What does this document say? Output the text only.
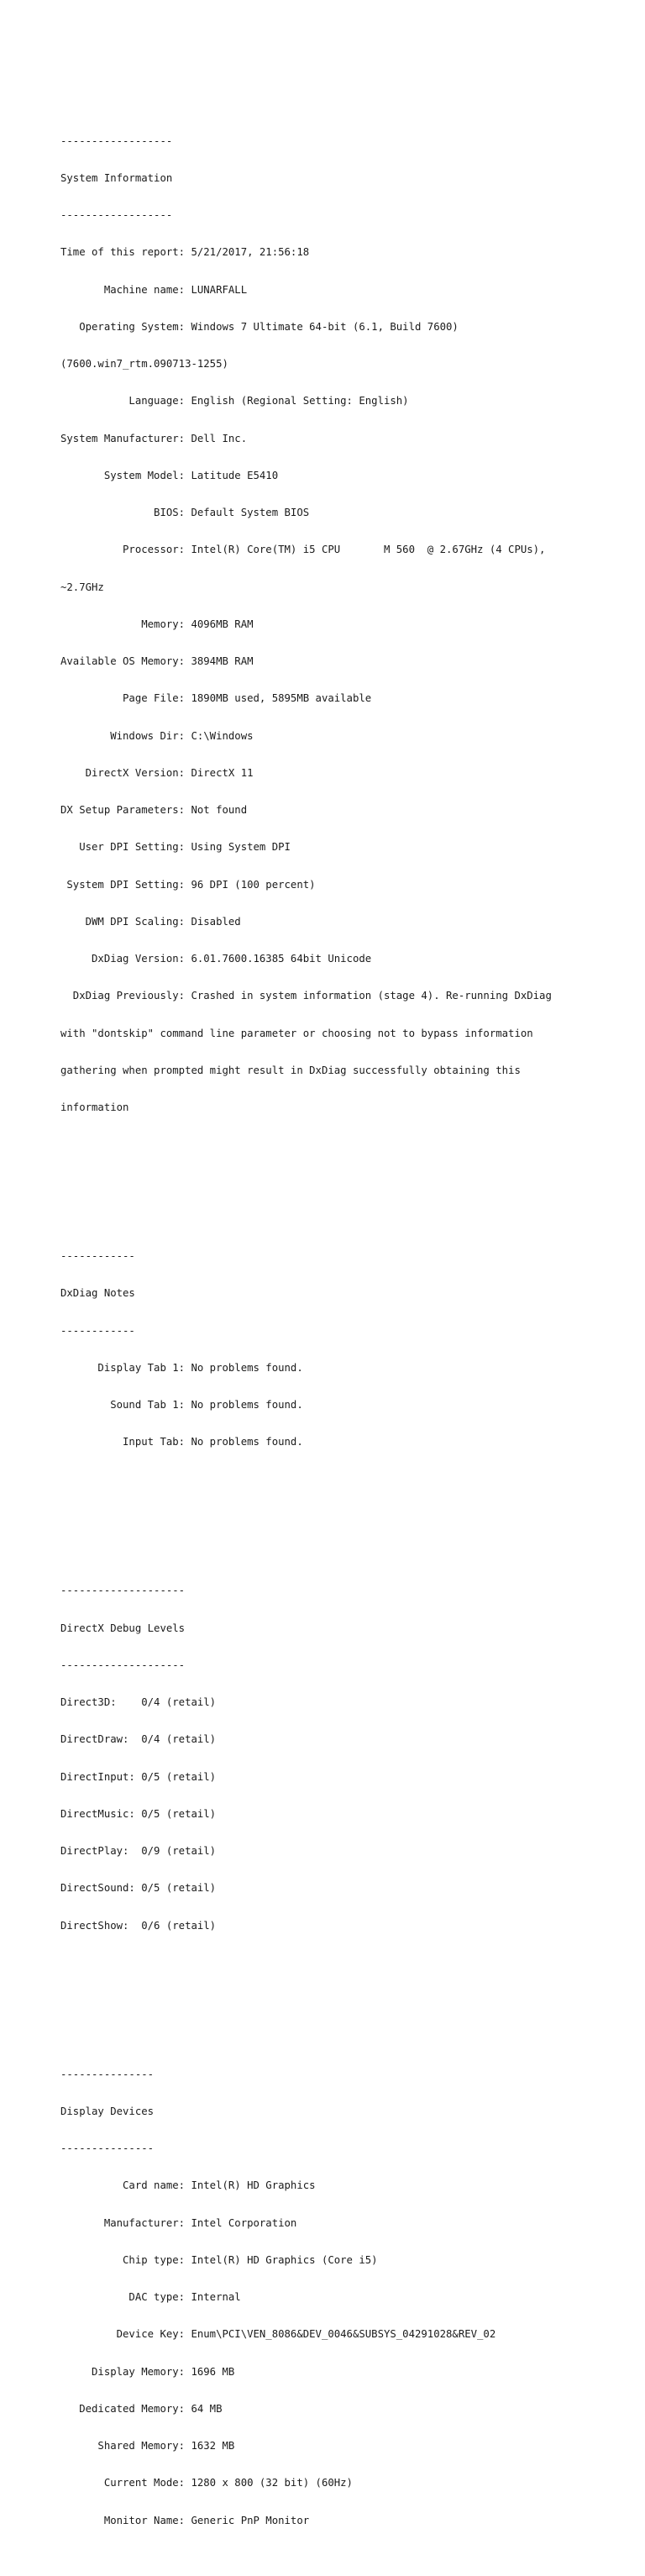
------------------

System Information

------------------

Time of this report: 5/21/2017, 21:56:18

Machine name: LUNARFALL

Operating System: Windows 7 Ultimate 64-bit (6.1, Build 7600)

(7600.win7_rtm.090713-1255)

Language: English (Regional Setting: English)

System Manufacturer: Dell Inc.

System Model: Latitude E5410

BIOS: Default System BIOS

Processor: Intel(R) Core(TM) i5 CPU       M 560  @ 2.67GHz (4 CPUs),

~2.7GHz

Memory: 4096MB RAM

Available OS Memory: 3894MB RAM

Page File: 1890MB used, 5895MB available

Windows Dir: C:\Windows

DirectX Version: DirectX 11

DX Setup Parameters: Not found

User DPI Setting: Using System DPI

System DPI Setting: 96 DPI (100 percent)

DWM DPI Scaling: Disabled

DxDiag Version: 6.01.7600.16385 64bit Unicode

DxDiag Previously: Crashed in system information (stage 4). Re-running DxDiag

with "dontskip" command line parameter or choosing not to bypass information

gathering when prompted might result in DxDiag successfully obtaining this

information

------------

DxDiag Notes

------------

Display Tab 1: No problems found.

Sound Tab 1: No problems found.

Input Tab: No problems found.

--------------------

DirectX Debug Levels

--------------------

Direct3D:    0/4 (retail)

DirectDraw:  0/4 (retail)

DirectInput: 0/5 (retail)

DirectMusic: 0/5 (retail)

DirectPlay:  0/9 (retail)

DirectSound: 0/5 (retail)

DirectShow:  0/6 (retail)

---------------

Display Devices

---------------

Card name: Intel(R) HD Graphics

Manufacturer: Intel Corporation

Chip type: Intel(R) HD Graphics (Core i5)

DAC type: Internal

Device Key: Enum\PCI\VEN_8086&DEV_0046&SUBSYS_04291028&REV_02

Display Memory: 1696 MB

Dedicated Memory: 64 MB

Shared Memory: 1632 MB

Current Mode: 1280 x 800 (32 bit) (60Hz)

Monitor Name: Generic PnP Monitor
